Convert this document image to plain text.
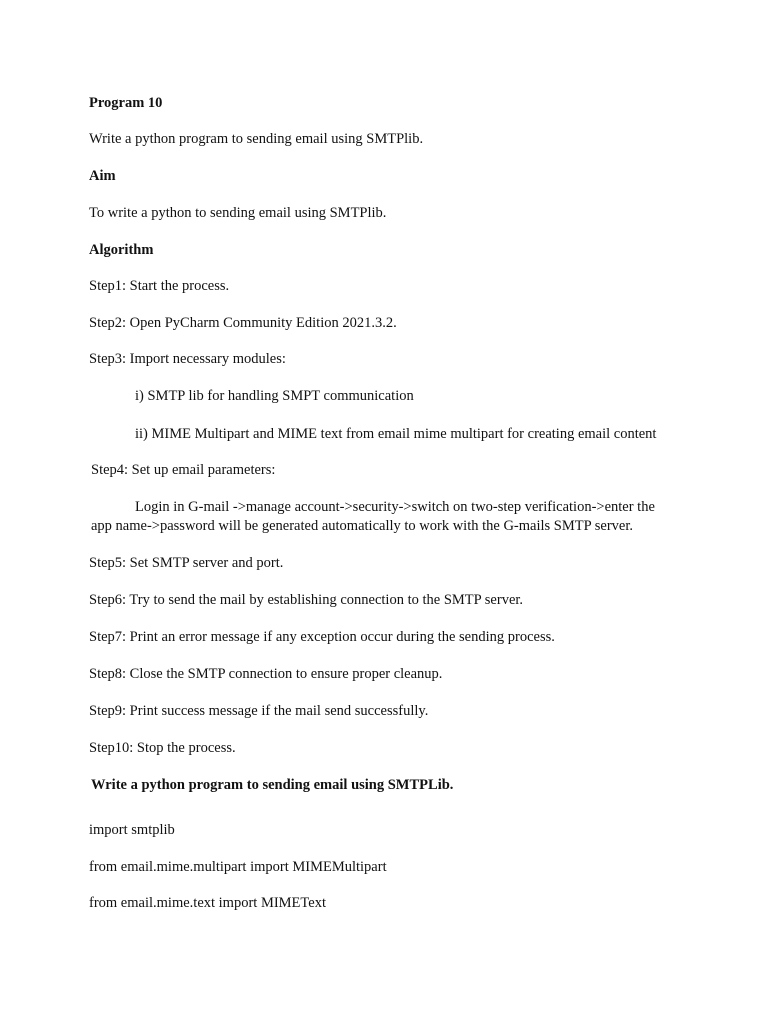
Program 10
Write a python program to sending email using SMTPlib.
Aim
To write a python to sending email using SMTPlib.
Algorithm
Step1: Start the process.
Step2: Open PyCharm Community Edition 2021.3.2.
Step3: Import necessary modules:
i) SMTP lib for handling SMPT communication
ii) MIME Multipart and MIME text from email mime multipart for creating email content
Step4: Set up email parameters:
Login in G-mail ->manage account->security->switch on two-step verification->enter the
app name->password will be generated automatically to work with the G-mails SMTP server.
Step5: Set SMTP server and port.
Step6: Try to send the mail by establishing connection to the SMTP server.
Step7: Print an error message if any exception occur during the sending process.
Step8: Close the SMTP connection to ensure proper cleanup.
Step9: Print success message if the mail send successfully.
Step10: Stop the process.
Write a python program to sending email using SMTPLib.
import smtplib
from email.mime.multipart import MIMEMultipart
from email.mime.text import MIMEText
